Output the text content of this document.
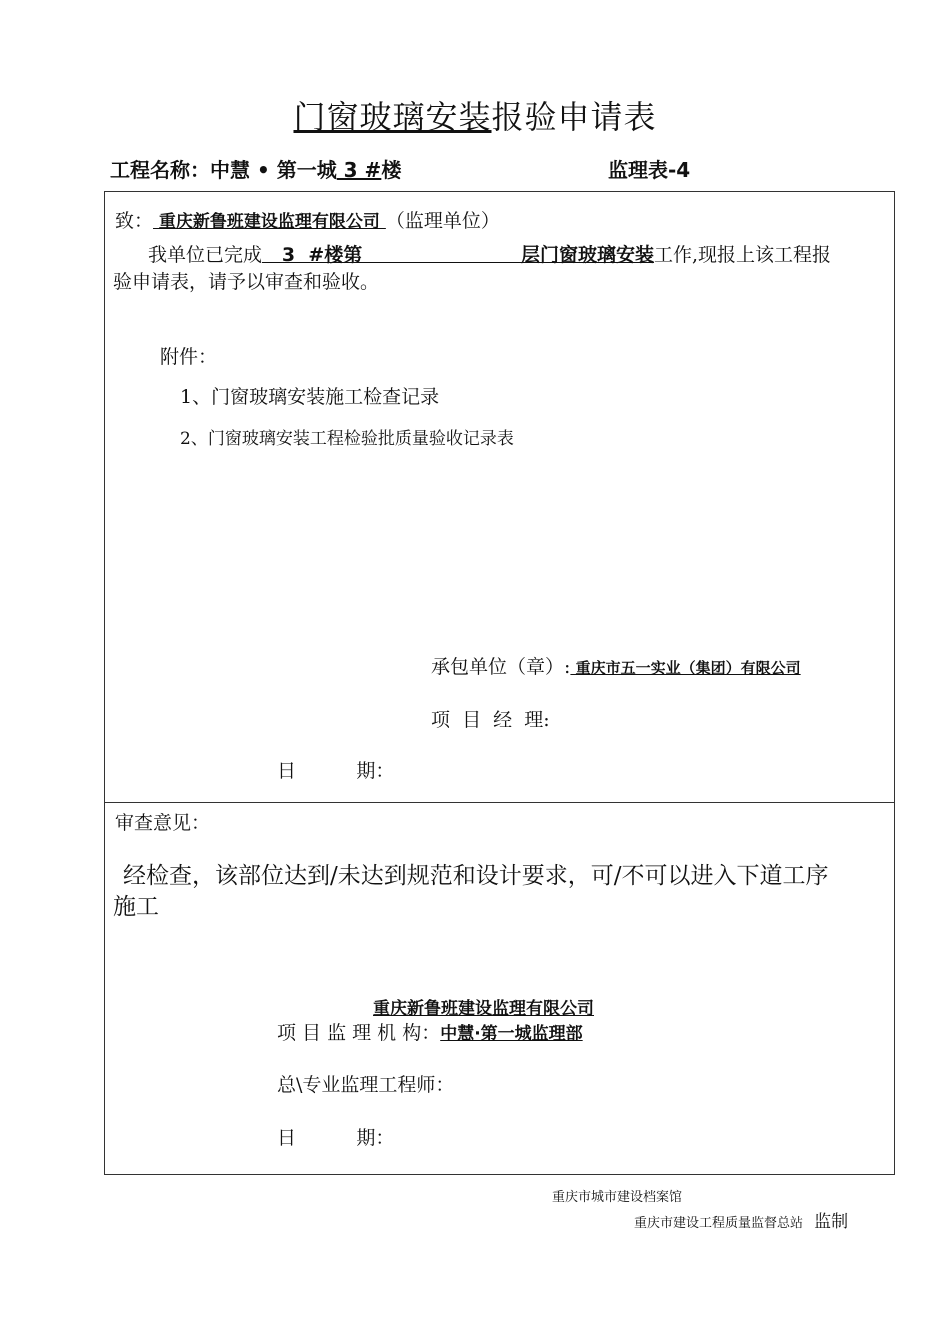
门窗玻璃安装报验申请表
工程名称：中慧 • 第一城 3 #楼	监理表-4
致： 重庆新鲁班建设监理有限公司 （监理单位）
我单位已完成   3  #楼第                        层门窗玻璃安装工作,现报上该工程报
验申请表，请予以审查和验收。
附件：
1、门窗玻璃安装施工检查记录
2、门窗玻璃安装工程检验批质量验收记录表
承包单位（章）: 重庆市五一实业（集团）有限公司
项  目  经  理:
日          期：
审查意见：
经检查，该部位达到/未达到规范和设计要求，可/不可以进入下道工序
施工
重庆新鲁班建设监理有限公司
项 目 监 理 机 构：中慧·第一城监理部
总\专业监理工程师：
日          期：
重庆市城市建设档案馆
重庆市建设工程质量监督总站 监制
